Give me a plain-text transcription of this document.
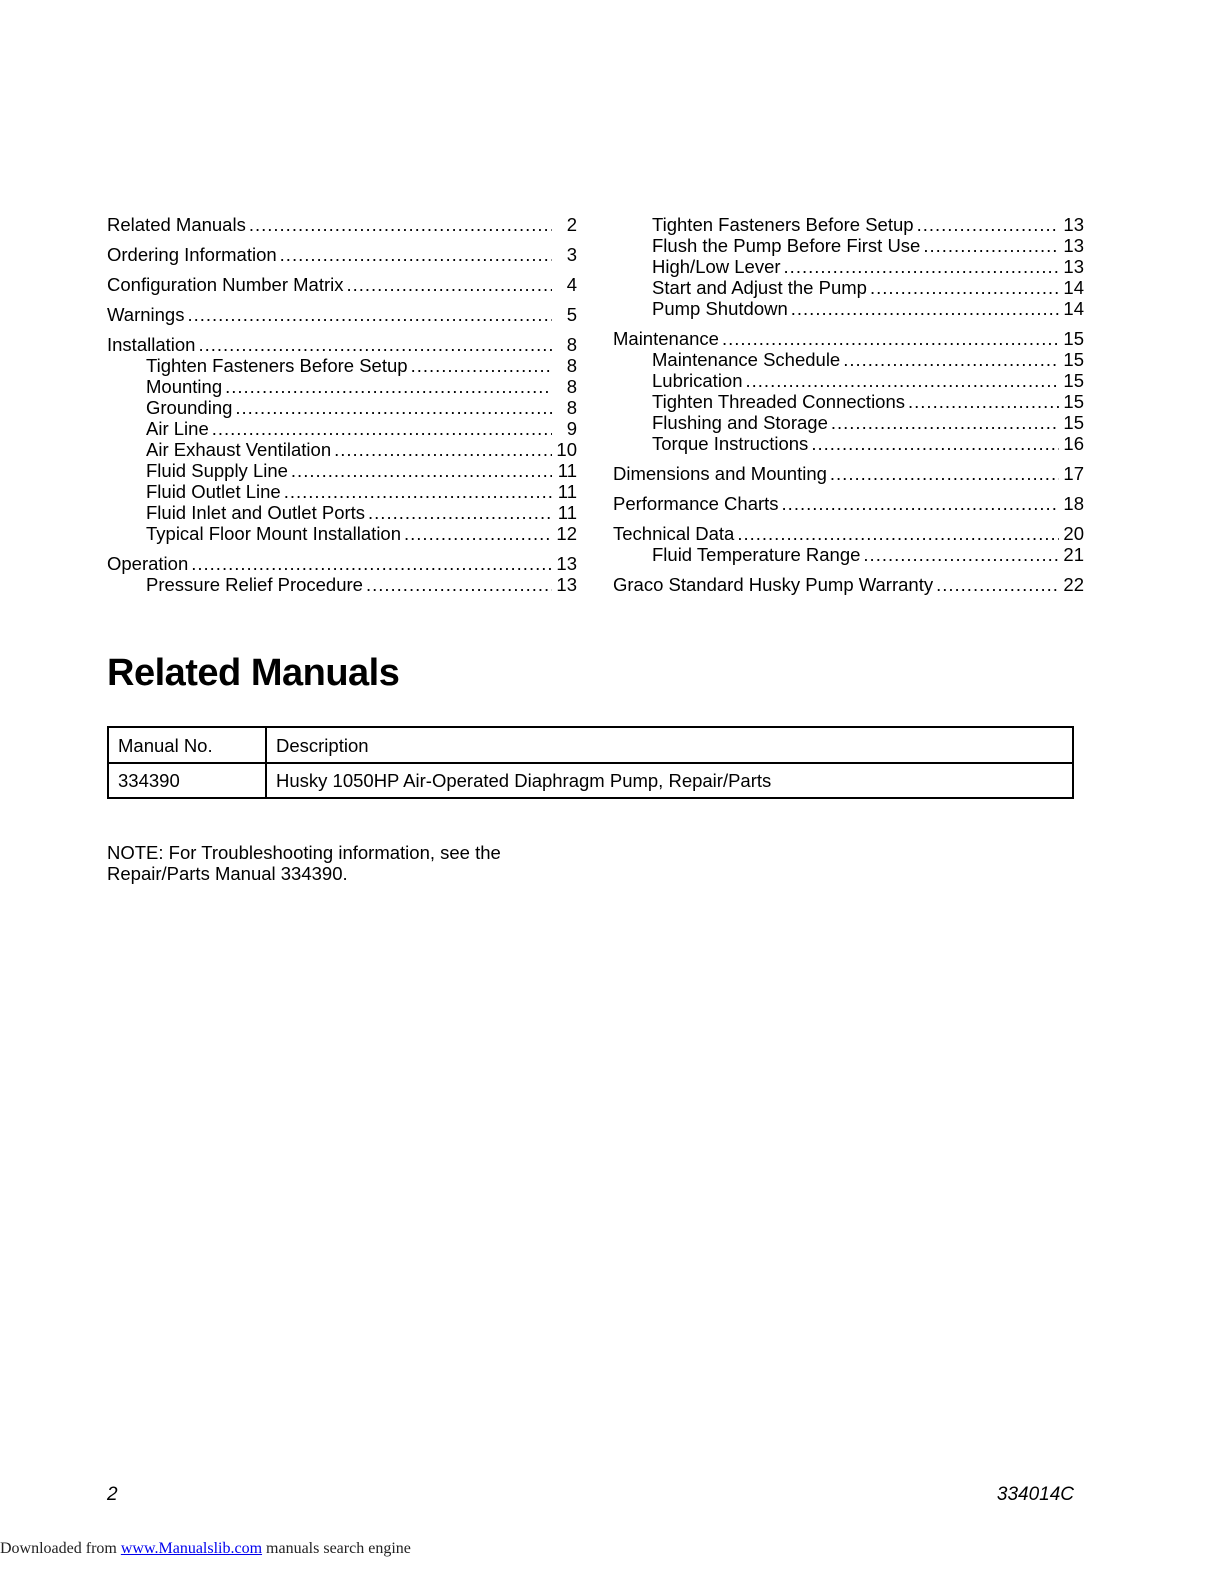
Related Manuals .....	2
Ordering Information .....	3
Configuration Number Matrix .....	4
Warnings .....	5
Installation .....	8
Tighten Fasteners Before Setup .....	8
Mounting .....	8
Grounding .....	8
Air Line .....	9
Air Exhaust Ventilation .....	10
Fluid Supply Line .....	11
Fluid Outlet Line .....	11
Fluid Inlet and Outlet Ports .....	11
Typical Floor Mount Installation .....	12
Operation .....	13
Pressure Relief Procedure .....	13
Tighten Fasteners Before Setup .....	13
Flush the Pump Before First Use .....	13
High/Low Lever .....	13
Start and Adjust the Pump .....	14
Pump Shutdown .....	14
Maintenance .....	15
Maintenance Schedule .....	15
Lubrication .....	15
Tighten Threaded Connections .....	15
Flushing and Storage .....	15
Torque Instructions .....	16
Dimensions and Mounting .....	17
Performance Charts .....	18
Technical Data .....	20
Fluid Temperature Range .....	21
Graco Standard Husky Pump Warranty .....	22
Related Manuals
Manual No.	Description
334390	Husky 1050HP Air-Operated Diaphragm Pump, Repair/Parts
NOTE: For Troubleshooting information, see the Repair/Parts Manual 334390.
2	334014C
Downloaded from www.Manualslib.com manuals search engine
